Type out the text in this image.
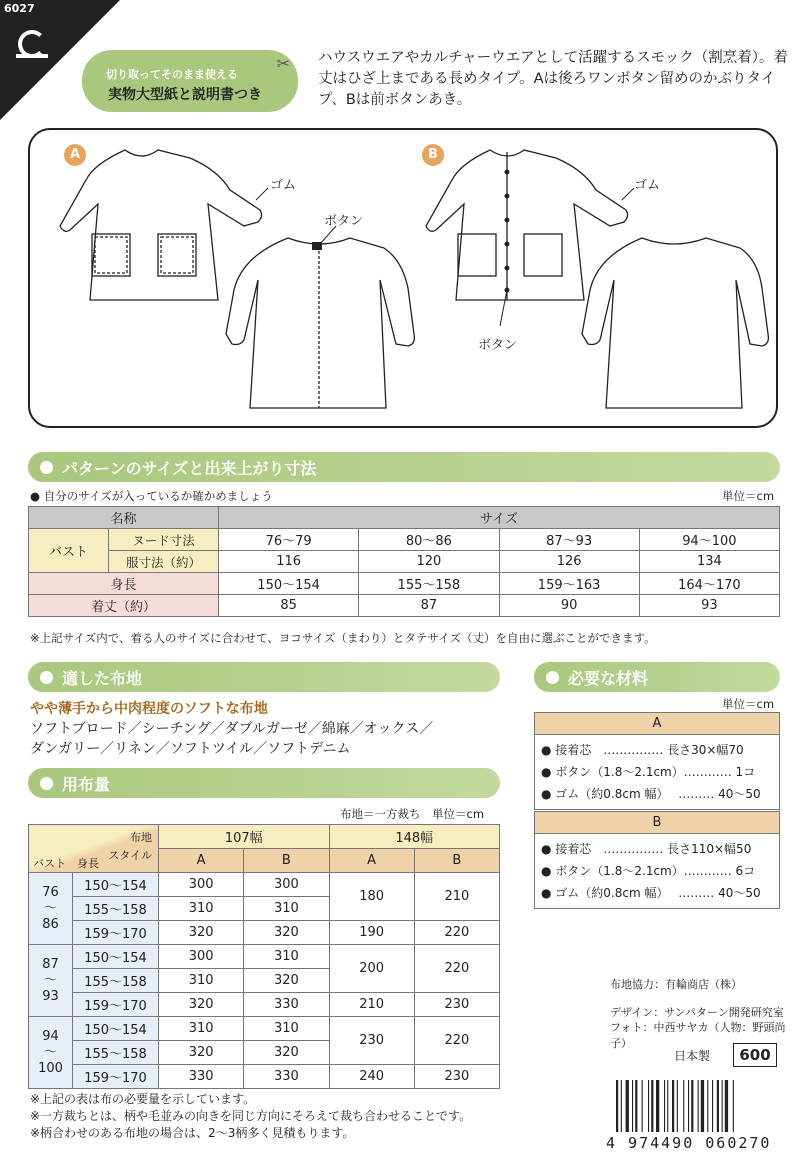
6027
切り取ってそのまま使える
実物大型紙と説明書つき
✂ ハウスウエアやカルチャーウエアとして活躍するスモック（割烹着）。着丈はひざ上まである長めタイプ。Aは後ろワンボタン留めのかぶりタイプ、Bは前ボタンあき。
A	B
ゴム
ボタン
ゴム
ボタン
パターンのサイズと出来上がり寸法
● 自分のサイズが入っているか確かめましょう	単位＝cm
名称		サイズ			
バスト	ヌード寸法	76〜79	80〜86	87〜93	94〜100
	服寸法（約）	116	120	126	134
身長		150〜154	155〜158	159〜163	164〜170
着丈（約）		85	87	90	93
※上記サイズ内で、着る人のサイズに合わせて、ヨコサイズ（まわり）とタテサイズ（丈）を自由に選ぶことができます。
適した布地
やや薄手から中肉程度のソフトな布地
ソフトブロード／シーチング／ダブルガーゼ／綿麻／オックス／
ダンガリー／リネン／ソフトツイル／ソフトデニム
必要な材料
単位＝cm
A
● 接着芯　…………… 長さ30×幅70
● ボタン（1.8〜2.1cm）………… 1コ
● ゴム（約0.8cm 幅）　 ……… 40〜50
B
● 接着芯　…………… 長さ110×幅50
● ボタン（1.8〜2.1cm）………… 6コ
● ゴム（約0.8cm 幅）　 ……… 40〜50
用布量
布地＝一方裁ち　単位＝cm
布地
スタイル
身長
バスト		107幅		148幅	
		A	B	A	B

76
〜
86	150〜154	300	300	180	210
	155〜158	310	310		
	159〜170	320	320	190	220

87
〜
93	150〜154	300	310	200	220
	155〜158	310	320		
	159〜170	320	330	210	230

94
〜
100	150〜154	310	310	230	220
	155〜158	320	320		
	159〜170	330	330	240	230
※上記の表は布の必要量を示しています。
※一方裁ちとは、柄や毛並みの向きを同じ方向にそろえて裁ち合わせることです。
※柄合わせのある布地の場合は、2〜3柄多く見積もります。
布地協力：有輪商店（株）
デザイン：サンパターン開発研究室
フォト：中西サヤカ（人物：野頭尚子）
日本製	600
4 974490 060270
